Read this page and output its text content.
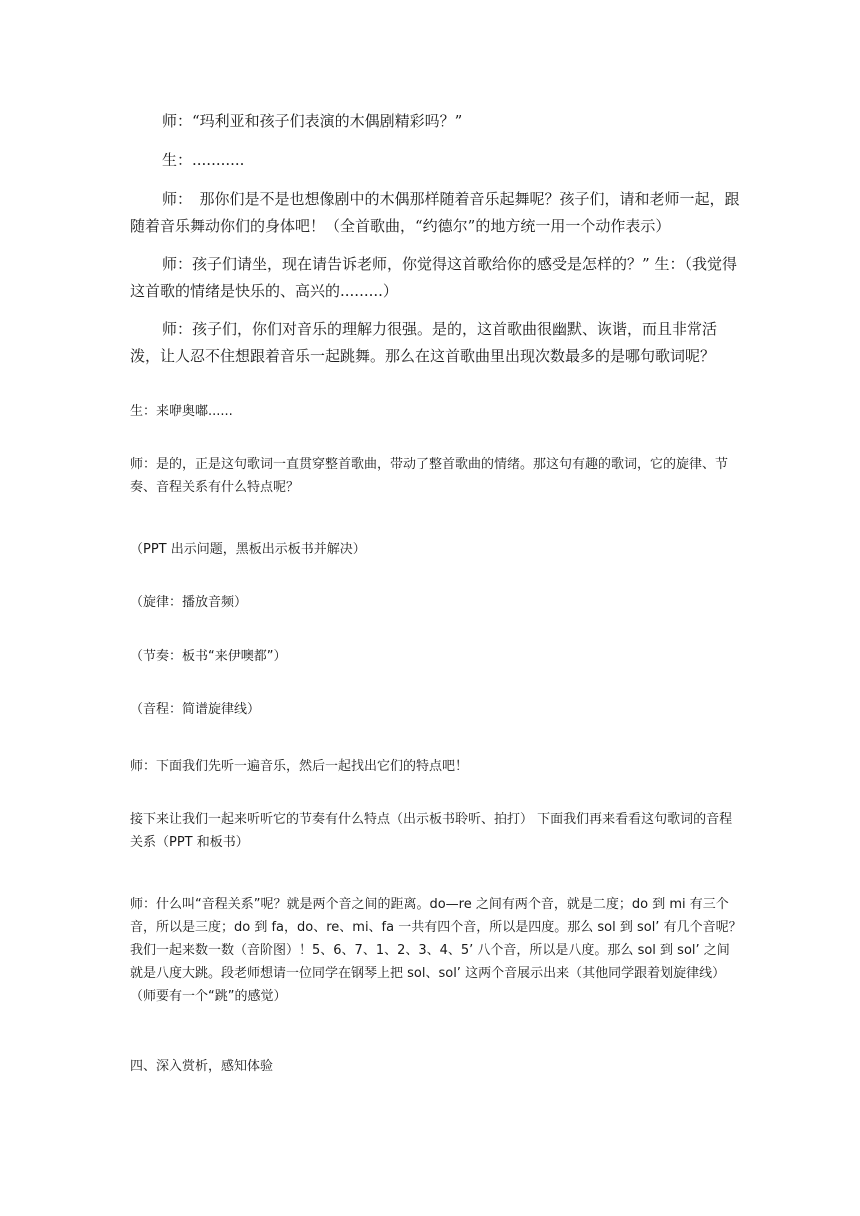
师：“玛利亚和孩子们表演的木偶剧精彩吗？”

生：...........

师：　那你们是不是也想像剧中的木偶那样随着音乐起舞呢？孩子们，请和老师一起，跟随着音乐舞动你们的身体吧！（全首歌曲，“约德尔”的地方统一用一个动作表示）

师：孩子们请坐，现在请告诉老师，你觉得这首歌给你的感受是怎样的？” 生：（我觉得这首歌的情绪是快乐的、高兴的.........）

师：孩子们，你们对音乐的理解力很强。是的，这首歌曲很幽默、诙谐，而且非常活泼，让人忍不住想跟着音乐一起跳舞。那么在这首歌曲里出现次数最多的是哪句歌词呢？

生：来咿奥嘟......

师：是的，正是这句歌词一直贯穿整首歌曲，带动了整首歌曲的情绪。那这句有趣的歌词，它的旋律、节奏、音程关系有什么特点呢？

（PPT 出示问题，黑板出示板书并解决）

（旋律：播放音频）

（节奏：板书“来伊噢都”）

（音程：简谱旋律线）

师：下面我们先听一遍音乐，然后一起找出它们的特点吧！

接下来让我们一起来听听它的节奏有什么特点（出示板书聆听、拍打） 下面我们再来看看这句歌词的音程关系（PPT 和板书）

师：什么叫“音程关系”呢？就是两个音之间的距离。do—re 之间有两个音，就是二度；do 到 mi 有三个音，所以是三度；do 到 fa，do、re、mi、fa 一共有四个音，所以是四度。那么 sol 到 sol’ 有几个音呢？我们一起来数一数（音阶图）！5、6、7、1、2、3、4、5’ 八个音，所以是八度。那么 sol 到 sol’ 之间就是八度大跳。段老师想请一位同学在钢琴上把 sol、sol’ 这两个音展示出来（其他同学跟着划旋律线）　（师要有一个“跳”的感觉）

四、深入赏析，感知体验
